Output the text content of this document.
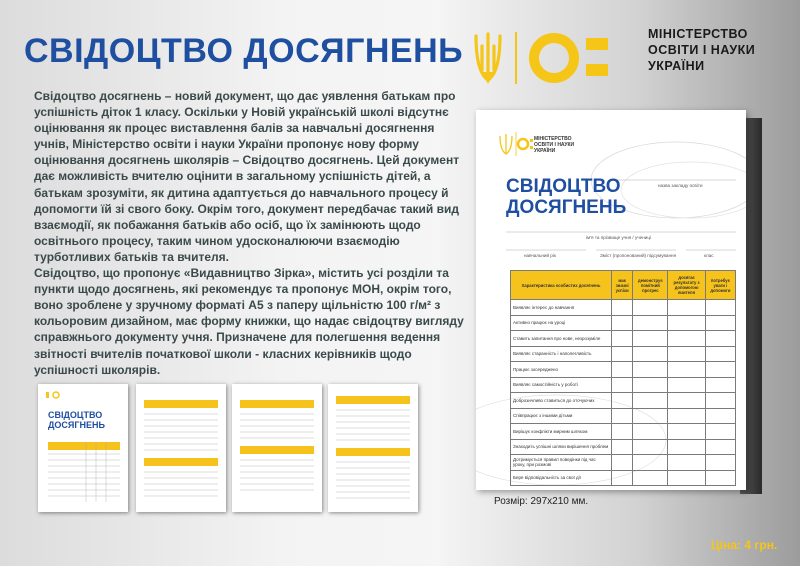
СВІДОЦТВО ДОСЯГНЕНЬ	МІНІСТЕРСТВО
ОСВІТИ І НАУКИ
УКРАЇНИ

Свідоцтво досягнень – новий документ, що дає уявлення батькам про успішність діток 1 класу. Оскільки у Новій українській школі відсутнє оцінювання як процес виставлення балів за навчальні досягнення учнів, Міністерство освіти і науки України пропонує нову форму оцінювання досягнень школярів – Свідоцтво досягнень. Цей документ дає можливість вчителю оцінити в загальному успішність дітей, а батькам зрозуміти, як дитина адаптується до навчального процесу й допомогти їй зі свого боку. Окрім того, документ передбачає такий вид взаємодії, як побажання батьків або осіб, що їх замінюють щодо освітнього процесу, таким чином удосконалюючи взаємодію турботливих батьків та вчителя.

Свідоцтво, що пропонує «Видавництво Зірка», містить усі розділи та пункти щодо досягнень, які рекомендує та пропонує МОН, окрім того, воно зроблене у зручному форматі А5 з паперу щільністю 100 г/м² з кольоровим дизайном, має форму книжки, що надає свідоцтву вигляду справжнього документу учня. Призначене для полегшення ведення звітності вчителів початкової школи - класних керівників щодо успішності школярів.

МІНІСТЕРСТВО
ОСВІТИ І НАУКИ
УКРАЇНИ
СВІДОЦТВО
ДОСЯГНЕНЬ
назва закладу освіти
ім'я та прізвище учня / учениці
навчальний рік	Зміст (пропонований) підсумування	клас
Характеристика особистих досягнень	має значні успіхи	демонструє помітний прогрес	досягає результату з допомогою вчителя	потребує уваги і допомоги
Виявляє інтерес до навчання				
Активно працює на уроці				
Ставить запитання про нове, незрозуміле				
Виявляє старанність і наполегливість				
Працює зосереджено				
Виявляє самостійність у роботі				
Доброзичливо ставиться до оточуючих				
Співпрацює з іншими дітьми				
Вирішує конфлікти мирним шляхом				
Знаходить успішні шляхи вирішення проблем				
Дотримується правил поведінки під час уроку, при розмові				
Бере відповідальність за свої дії				
СВІДОЦТВО
ДОСЯГНЕНЬ
Розмір: 297х210 мм.
Ціна: 4 грн.
